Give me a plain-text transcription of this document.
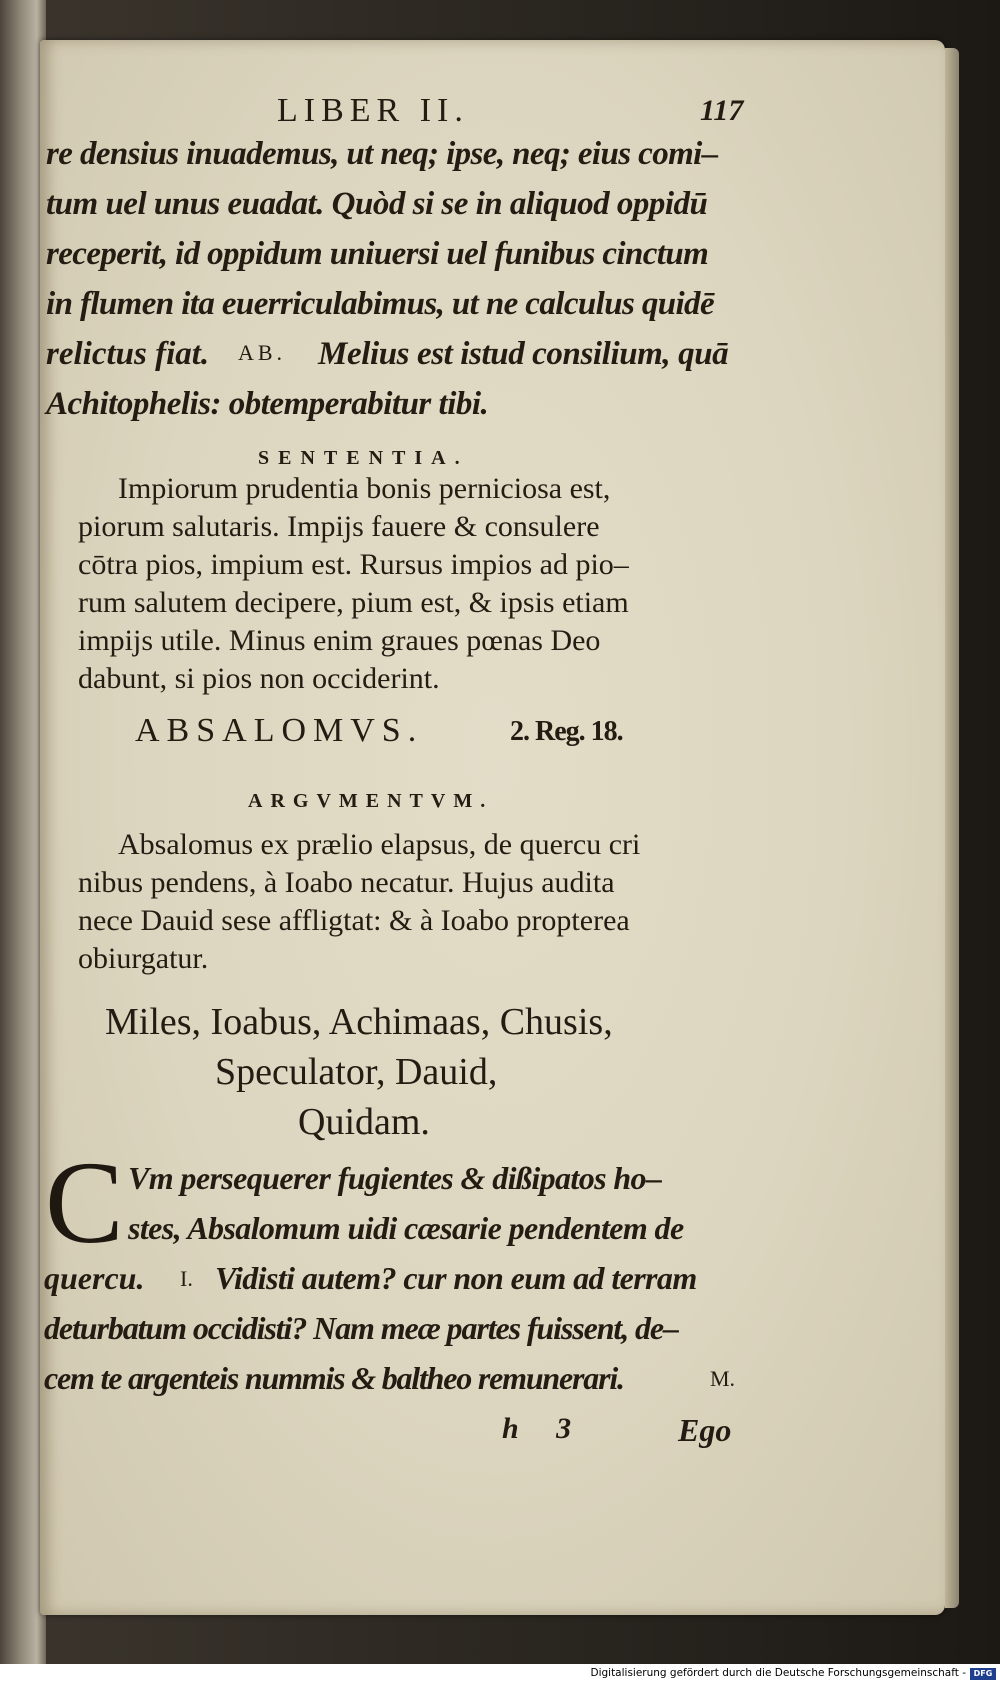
LIBER II.	117
re densius inuademus, ut neq; ipse, neq; eius comi–
tum uel unus euadat. Quòd si se in aliquod oppidū
receperit, id oppidum uniuersi uel funibus cinctum
in flumen ita euerriculabimus, ut ne calculus quidē
relictus fiat. AB. Melius est istud consilium, quā
Achitophelis: obtemperabitur tibi.
SENTENTIA.
Impiorum prudentia bonis perniciosa est,
piorum salutaris. Impijs fauere & consulere
cōtra pios, impium est. Rursus impios ad pio–
rum salutem decipere, pium est, & ipsis etiam
impijs utile. Minus enim graues pœnas Deo
dabunt, si pios non occiderint.
ABSALOMVS.	2. Reg. 18.
ARGVMENTVM.
Absalomus ex prælio elapsus, de quercu cri
nibus pendens, à Ioabo necatur. Hujus audita
nece Dauid sese affligtat: & à Ioabo propterea
obiurgatur.
Miles, Ioabus, Achimaas, Chusis,
Speculator, Dauid,
Quidam.
C Vm persequerer fugientes & dißipatos ho–
stes, Absalomum uidi cæsarie pendentem de
quercu. I. Vidisti autem? cur non eum ad terram
deturbatum occidisti? Nam meæ partes fuissent, de–
cem te argenteis nummis & baltheo remunerari.	M.
h 3	Ego
Digitalisierung gefördert durch die Deutsche Forschungsgemeinschaft - DFG
